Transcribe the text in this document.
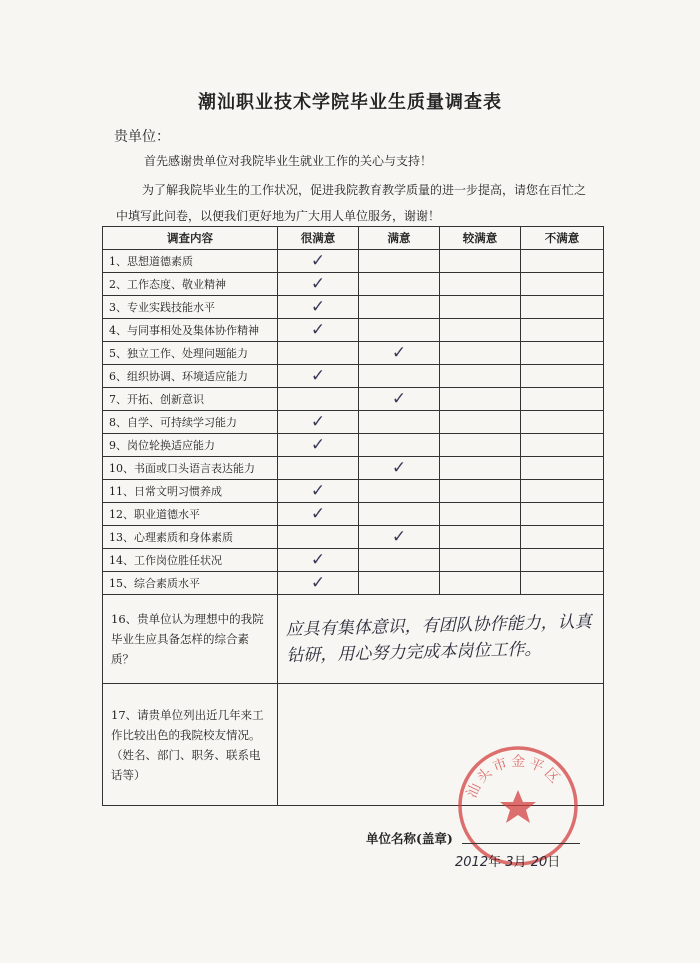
潮汕职业技术学院毕业生质量调查表
贵单位：
首先感谢贵单位对我院毕业生就业工作的关心与支持！
为了解我院毕业生的工作状况，促进我院教育教学质量的进一步提高，请您在百忙之
中填写此问卷，以便我们更好地为广大用人单位服务，谢谢！
调查内容	很满意	满意	较满意	不满意
1、思想道德素质	✓			
2、工作态度、敬业精神	✓			
3、专业实践技能水平	✓			
4、与同事相处及集体协作精神	✓			
5、独立工作、处理问题能力		✓		
6、组织协调、环境适应能力	✓			
7、开拓、创新意识		✓		
8、自学、可持续学习能力	✓			
9、岗位轮换适应能力	✓			
10、书面或口头语言表达能力		✓		
11、日常文明习惯养成	✓			
12、职业道德水平	✓			
13、心理素质和身体素质		✓		
14、工作岗位胜任状况	✓			
15、综合素质水平	✓			

16、贵单位认为理想中的我院毕业生应具备怎样的综合素质？	应具有集体意识，有团队协作能力，认真钻研，用心努力完成本岗位工作。			

17、请贵单位列出近几年来工作比较出色的我院校友情况。
（姓名、部门、职务、联系电话等）				

汕头市金平区
单位名称(盖章)
2012年 3月 20日
